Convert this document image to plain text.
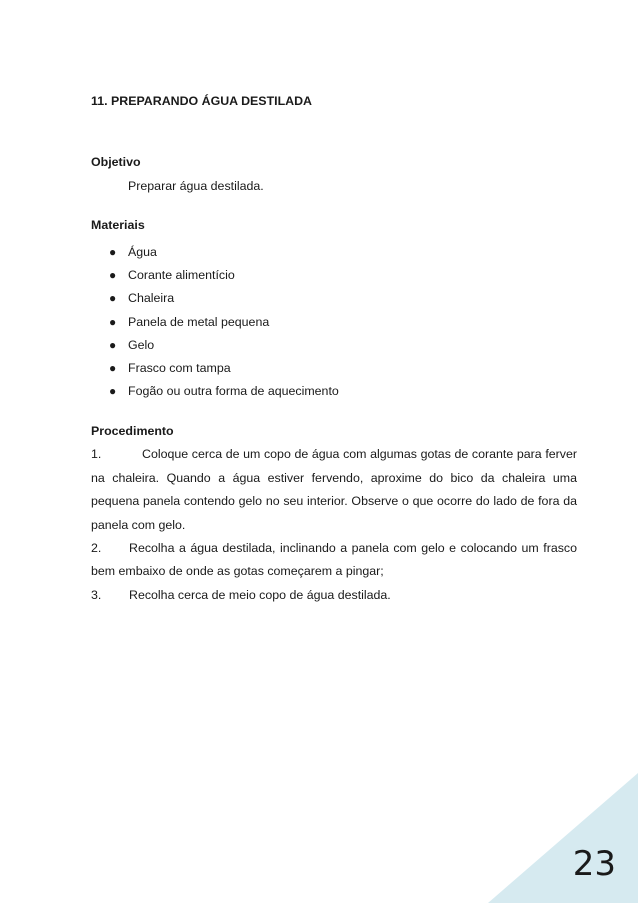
11. PREPARANDO ÁGUA DESTILADA

Objetivo

Preparar água destilada.

Materiais

● Água
● Corante alimentício
● Chaleira
● Panela de metal pequena
● Gelo
● Frasco com tampa
● Fogão ou outra forma de aquecimento

Procedimento

1.	Coloque cerca de um copo de água com algumas gotas de corante para ferver na chaleira. Quando a água estiver fervendo, aproxime do bico da chaleira uma pequena panela contendo gelo no seu interior. Observe o que ocorre do lado de fora da panela com gelo.

2. Recolha a água destilada, inclinando a panela com gelo e colocando um frasco bem embaixo de onde as gotas começarem a pingar;

3. Recolha cerca de meio copo de água destilada.

23
